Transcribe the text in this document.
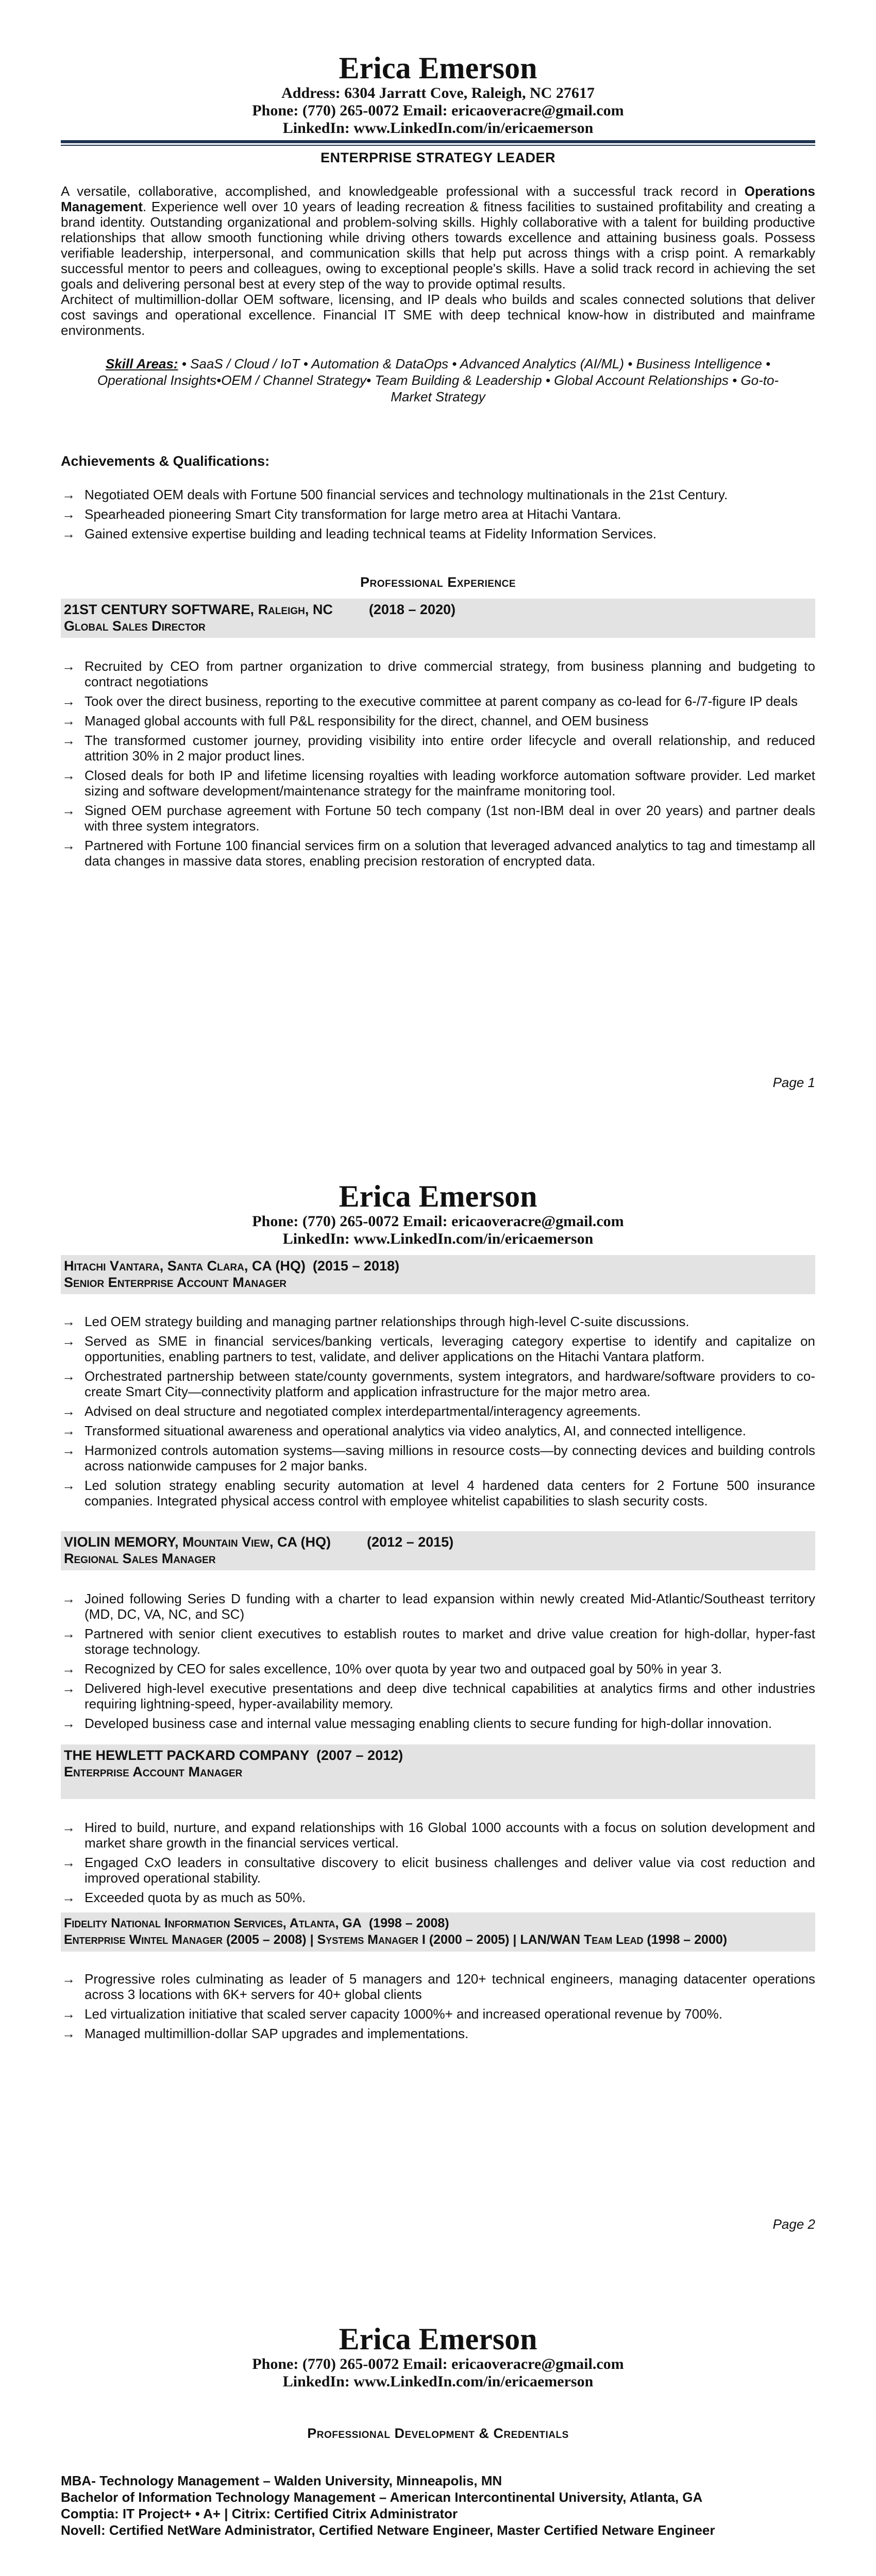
Erica Emerson
Address: 6304 Jarratt Cove, Raleigh, NC 27617
Phone: (770) 265-0072 Email: ericaoveracre@gmail.com
LinkedIn: www.LinkedIn.com/in/ericaemerson
ENTERPRISE STRATEGY LEADER

A versatile, collaborative, accomplished, and knowledgeable professional with a successful track record in Operations Management. Experience well over 10 years of leading recreation & fitness facilities to sustained profitability and creating a brand identity. Outstanding organizational and problem-solving skills. Highly collaborative with a talent for building productive relationships that allow smooth functioning while driving others towards excellence and attaining business goals. Possess verifiable leadership, interpersonal, and communication skills that help put across things with a crisp point. A remarkably successful mentor to peers and colleagues, owing to exceptional people's skills. Have a solid track record in achieving the set goals and delivering personal best at every step of the way to provide optimal results.

Architect of multimillion-dollar OEM software, licensing, and IP deals who builds and scales connected solutions that deliver cost savings and operational excellence. Financial IT SME with deep technical know-how in distributed and mainframe environments.

Skill Areas: • SaaS / Cloud / IoT • Automation & DataOps • Advanced Analytics (AI/ML) • Business Intelligence • Operational Insights•OEM / Channel Strategy• Team Building & Leadership • Global Account Relationships • Go-to-Market Strategy
Achievements & Qualifications:
→ Negotiated OEM deals with Fortune 500 financial services and technology multinationals in the 21st Century.
→ Spearheaded pioneering Smart City transformation for large metro area at Hitachi Vantara.
→ Gained extensive expertise building and leading technical teams at Fidelity Information Services.
Professional Experience
21ST CENTURY SOFTWARE, Raleigh, NC	(2018 – 2020)
Global Sales Director
→ Recruited by CEO from partner organization to drive commercial strategy, from business planning and budgeting to contract negotiations
→ Took over the direct business, reporting to the executive committee at parent company as co-lead for 6-/7-figure IP deals
→ Managed global accounts with full P&L responsibility for the direct, channel, and OEM business
→ The transformed customer journey, providing visibility into entire order lifecycle and overall relationship, and reduced attrition 30% in 2 major product lines.
→ Closed deals for both IP and lifetime licensing royalties with leading workforce automation software provider. Led market sizing and software development/maintenance strategy for the mainframe monitoring tool.
→ Signed OEM purchase agreement with Fortune 50 tech company (1st non-IBM deal in over 20 years) and partner deals with three system integrators.
→ Partnered with Fortune 100 financial services firm on a solution that leveraged advanced analytics to tag and timestamp all data changes in massive data stores, enabling precision restoration of encrypted data.
Page 1
Erica Emerson
Phone: (770) 265-0072 Email: ericaoveracre@gmail.com
LinkedIn: www.LinkedIn.com/in/ericaemerson
Hitachi Vantara, Santa Clara, CA (HQ) (2015 – 2018)
Senior Enterprise Account Manager
→ Led OEM strategy building and managing partner relationships through high-level C-suite discussions.
→ Served as SME in financial services/banking verticals, leveraging category expertise to identify and capitalize on opportunities, enabling partners to test, validate, and deliver applications on the Hitachi Vantara platform.
→ Orchestrated partnership between state/county governments, system integrators, and hardware/software providers to co-create Smart City—connectivity platform and application infrastructure for the major metro area.
→ Advised on deal structure and negotiated complex interdepartmental/interagency agreements.
→ Transformed situational awareness and operational analytics via video analytics, AI, and connected intelligence.
→ Harmonized controls automation systems—saving millions in resource costs—by connecting devices and building controls across nationwide campuses for 2 major banks.
→ Led solution strategy enabling security automation at level 4 hardened data centers for 2 Fortune 500 insurance companies. Integrated physical access control with employee whitelist capabilities to slash security costs.
VIOLIN MEMORY, Mountain View, CA (HQ)	(2012 – 2015)
Regional Sales Manager
→ Joined following Series D funding with a charter to lead expansion within newly created Mid-Atlantic/Southeast territory (MD, DC, VA, NC, and SC)
→ Partnered with senior client executives to establish routes to market and drive value creation for high-dollar, hyper-fast storage technology.
→ Recognized by CEO for sales excellence, 10% over quota by year two and outpaced goal by 50% in year 3.
→ Delivered high-level executive presentations and deep dive technical capabilities at analytics firms and other industries requiring lightning-speed, hyper-availability memory.
→ Developed business case and internal value messaging enabling clients to secure funding for high-dollar innovation.
THE HEWLETT PACKARD COMPANY (2007 – 2012)
Enterprise Account Manager
→ Hired to build, nurture, and expand relationships with 16 Global 1000 accounts with a focus on solution development and market share growth in the financial services vertical.
→ Engaged CxO leaders in consultative discovery to elicit business challenges and deliver value via cost reduction and improved operational stability.
→ Exceeded quota by as much as 50%.
Fidelity National Information Services, Atlanta, GA (1998 – 2008)
Enterprise Wintel Manager (2005 – 2008) | Systems Manager I (2000 – 2005) | LAN/WAN Team Lead (1998 – 2000)
→ Progressive roles culminating as leader of 5 managers and 120+ technical engineers, managing datacenter operations across 3 locations with 6K+ servers for 40+ global clients
→ Led virtualization initiative that scaled server capacity 1000%+ and increased operational revenue by 700%.
→ Managed multimillion-dollar SAP upgrades and implementations.
Page 2
Erica Emerson
Phone: (770) 265-0072 Email: ericaoveracre@gmail.com
LinkedIn: www.LinkedIn.com/in/ericaemerson
Professional Development & Credentials
MBA- Technology Management – Walden University, Minneapolis, MN
Bachelor of Information Technology Management – American Intercontinental University, Atlanta, GA
Comptia: IT Project+ • A+ | Citrix: Certified Citrix Administrator
Novell: Certified NetWare Administrator, Certified Netware Engineer, Master Certified Netware Engineer
